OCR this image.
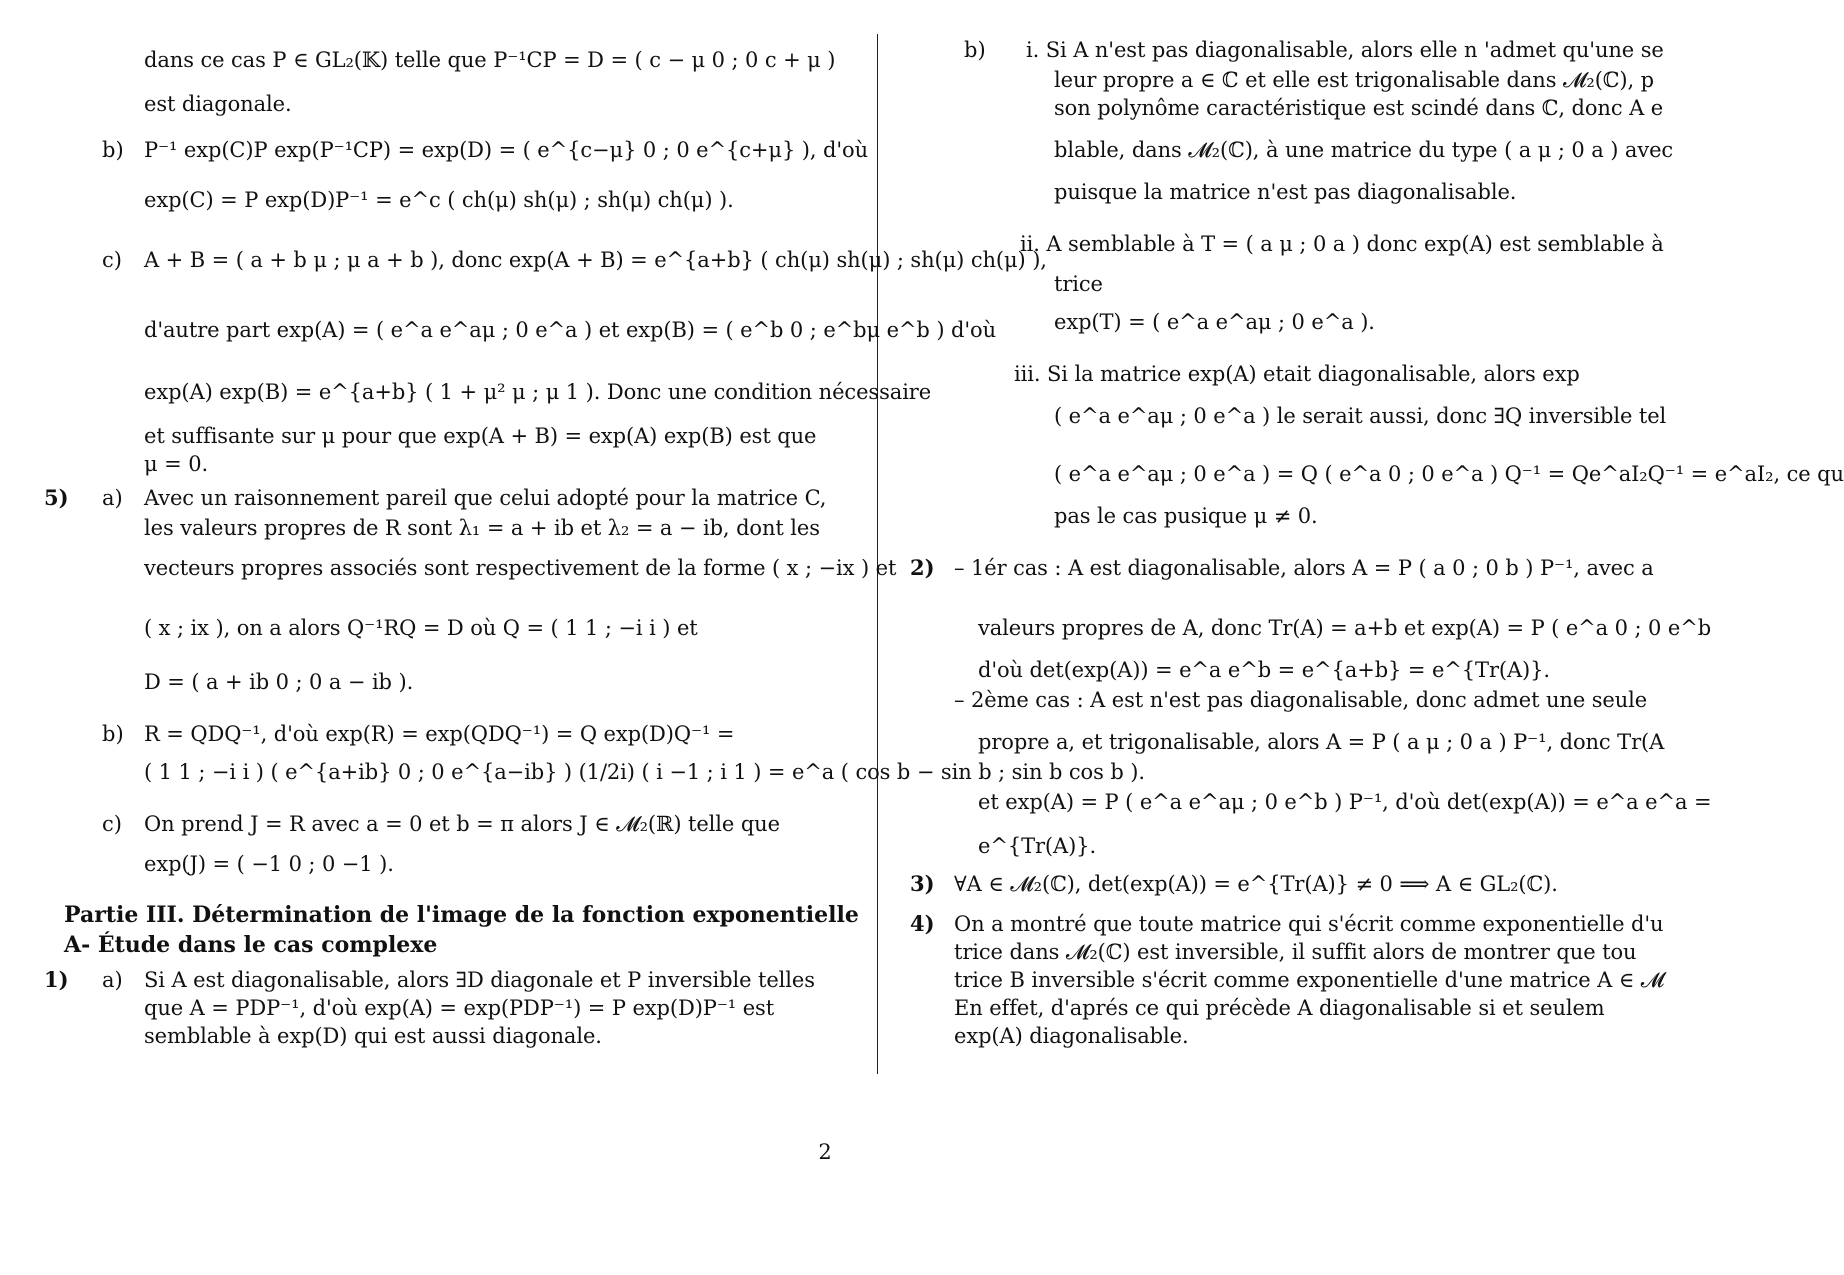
dans ce cas P ∈ GL₂(𝕂) telle que P⁻¹CP = D = ( c − μ 0 ; 0 c + μ )
est diagonale.
b) P⁻¹ exp(C)P exp(P⁻¹CP) = exp(D) = ( e^{c−μ} 0 ; 0 e^{c+μ} ), d'où
exp(C) = P exp(D)P⁻¹ = e^c ( ch(μ) sh(μ) ; sh(μ) ch(μ) ).
c) A + B = ( a + b μ ; μ a + b ), donc exp(A + B) = e^{a+b} ( ch(μ) sh(μ) ; sh(μ) ch(μ) ),
d'autre part exp(A) = ( e^a e^aμ ; 0 e^a ) et exp(B) = ( e^b 0 ; e^bμ e^b ) d'où
exp(A) exp(B) = e^{a+b} ( 1 + μ² μ ; μ 1 ). Donc une condition nécessaire
et suffisante sur μ pour que exp(A + B) = exp(A) exp(B) est que
μ = 0.
5) a) Avec un raisonnement pareil que celui adopté pour la matrice C,
les valeurs propres de R sont λ₁ = a + ib et λ₂ = a − ib, dont les
vecteurs propres associés sont respectivement de la forme ( x ; −ix ) et
( x ; ix ), on a alors Q⁻¹RQ = D où Q = ( 1 1 ; −i i ) et
D = ( a + ib 0 ; 0 a − ib ).
b) R = QDQ⁻¹, d'où exp(R) = exp(QDQ⁻¹) = Q exp(D)Q⁻¹ =
( 1 1 ; −i i ) ( e^{a+ib} 0 ; 0 e^{a−ib} ) (1/2i) ( i −1 ; i 1 ) = e^a ( cos b − sin b ; sin b cos b ).
c) On prend J = R avec a = 0 et b = π alors J ∈ 𝓜₂(ℝ) telle que
exp(J) = ( −1 0 ; 0 −1 ).
Partie III. Détermination de l'image de la fonction exponentielle
A- Étude dans le cas complexe
1) a) Si A est diagonalisable, alors ∃D diagonale et P inversible telles
que A = PDP⁻¹, d'où exp(A) = exp(PDP⁻¹) = P exp(D)P⁻¹ est
semblable à exp(D) qui est aussi diagonale.
b) i. Si A n'est pas diagonalisable, alors elle n 'admet qu'une se
leur propre a ∈ ℂ et elle est trigonalisable dans 𝓜₂(ℂ), p
son polynôme caractéristique est scindé dans ℂ, donc A e
blable, dans 𝓜₂(ℂ), à une matrice du type ( a μ ; 0 a ) avec
puisque la matrice n'est pas diagonalisable.
ii. A semblable à T = ( a μ ; 0 a ) donc exp(A) est semblable à
trice
exp(T) = ( e^a e^aμ ; 0 e^a ).
iii. Si la matrice exp(A) etait diagonalisable, alors exp
( e^a e^aμ ; 0 e^a ) le serait aussi, donc ∃Q inversible tel
( e^a e^aμ ; 0 e^a ) = Q ( e^a 0 ; 0 e^a ) Q⁻¹ = Qe^aI₂Q⁻¹ = e^aI₂, ce qu
pas le cas pusique μ ≠ 0.
2) – 1ér cas : A est diagonalisable, alors A = P ( a 0 ; 0 b ) P⁻¹, avec a
valeurs propres de A, donc Tr(A) = a+b et exp(A) = P ( e^a 0 ; 0 e^b
d'où det(exp(A)) = e^a e^b = e^{a+b} = e^{Tr(A)}.
– 2ème cas : A est n'est pas diagonalisable, donc admet une seule
propre a, et trigonalisable, alors A = P ( a μ ; 0 a ) P⁻¹, donc Tr(A
et exp(A) = P ( e^a e^aμ ; 0 e^b ) P⁻¹, d'où det(exp(A)) = e^a e^a =
e^{Tr(A)}.
3) ∀A ∈ 𝓜₂(ℂ), det(exp(A)) = e^{Tr(A)} ≠ 0 ⟹ A ∈ GL₂(ℂ).
4) On a montré que toute matrice qui s'écrit comme exponentielle d'u
trice dans 𝓜₂(ℂ) est inversible, il suffit alors de montrer que tou
trice B inversible s'écrit comme exponentielle d'une matrice A ∈ 𝓜
En effet, d'aprés ce qui précède A diagonalisable si et seulem
exp(A) diagonalisable.
2
